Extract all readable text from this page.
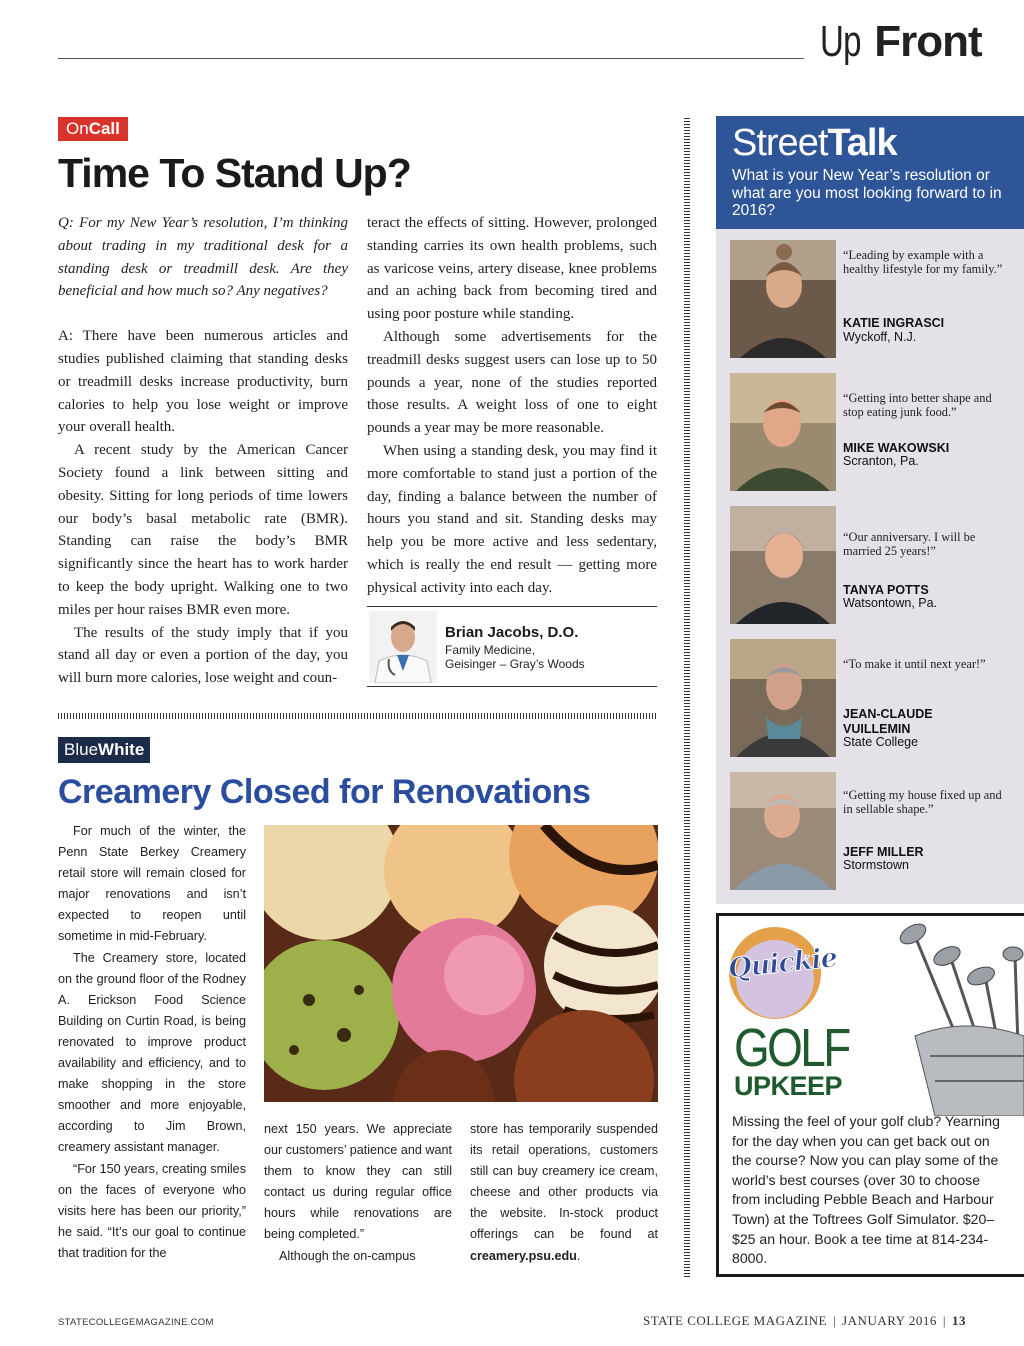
Up Front
OnCall
Time To Stand Up?

Q: For my New Year’s resolution, I’m thinking about trading in my traditional desk for a standing desk or treadmill desk. Are they beneficial and how much so? Any negatives?

A: There have been numerous articles and studies published claiming that standing desks or treadmill desks increase productivity, burn calories to help you lose weight or improve your overall health.

A recent study by the American Cancer Society found a link between sitting and obesity. Sitting for long periods of time lowers our body’s basal metabolic rate (BMR). Standing can raise the body’s BMR significantly since the heart has to work harder to keep the body upright. Walking one to two miles per hour raises BMR even more.

The results of the study imply that if you stand all day or even a portion of the day, you will burn more calories, lose weight and coun-

teract the effects of sitting. However, prolonged standing carries its own health problems, such as varicose veins, artery disease, knee problems and an aching back from becoming tired and using poor posture while standing.

Although some advertisements for the treadmill desks suggest users can lose up to 50 pounds a year, none of the studies reported those results. A weight loss of one to eight pounds a year may be more reasonable.

When using a standing desk, you may find it more comfortable to stand just a portion of the day, finding a balance between the number of hours you stand and sit. Standing desks may help you be more active and less sedentary, which is really the end result — getting more physical activity into each day.

Brian Jacobs, D.O.
Family Medicine,
Geisinger – Gray’s Woods
BlueWhite
Creamery Closed for Renovations

For much of the winter, the Penn State Berkey Creamery retail store will remain closed for major renovations and isn’t expected to reopen until sometime in mid-February.

The Creamery store, located on the ground floor of the Rodney A. Erickson Food Science Building on Curtin Road, is being renovated to improve product availability and efficiency, and to make shopping in the store smoother and more enjoyable, according to Jim Brown, creamery assistant manager.

“For 150 years, creating smiles on the faces of everyone who visits here has been our priority,” he said. “It’s our goal to continue that tradition for the

next 150 years. We appreciate our customers’ patience and want them to know they can still contact us during regular office hours while renovations are being completed.”

Although the on-campus

store has temporarily suspended its retail operations, customers still can buy creamery ice cream, cheese and other products via the website. In-stock product offerings can be found at creamery.psu.edu.

StreetTalk
What is your New Year’s resolution or what are you most looking forward to in 2016?
“Leading by example with a healthy lifestyle for my family.”
KATIE INGRASCI
Wyckoff, N.J.
“Getting into better shape and stop eating junk food.”
MIKE WAKOWSKI
Scranton, Pa.
“Our anniversary. I will be married 25 years!”
TANYA POTTS
Watsontown, Pa.
“To make it until next year!”
JEAN-CLAUDE VUILLEMIN
State College
“Getting my house fixed up and in sellable shape.”
JEFF MILLER
Stormstown
Quickie
GOLF
UPKEEP
Missing the feel of your golf club? Yearning for the day when you can get back out on the course? Now you can play some of the world’s best courses (over 30 to choose from including Pebble Beach and Harbour Town) at the Toftrees Golf Simulator. $20–$25 an hour. Book a tee time at 814-234-8000.
STATECOLLEGEMAGAZINE.COM	STATE COLLEGE MAGAZINE | JANUARY 2016 | 13
